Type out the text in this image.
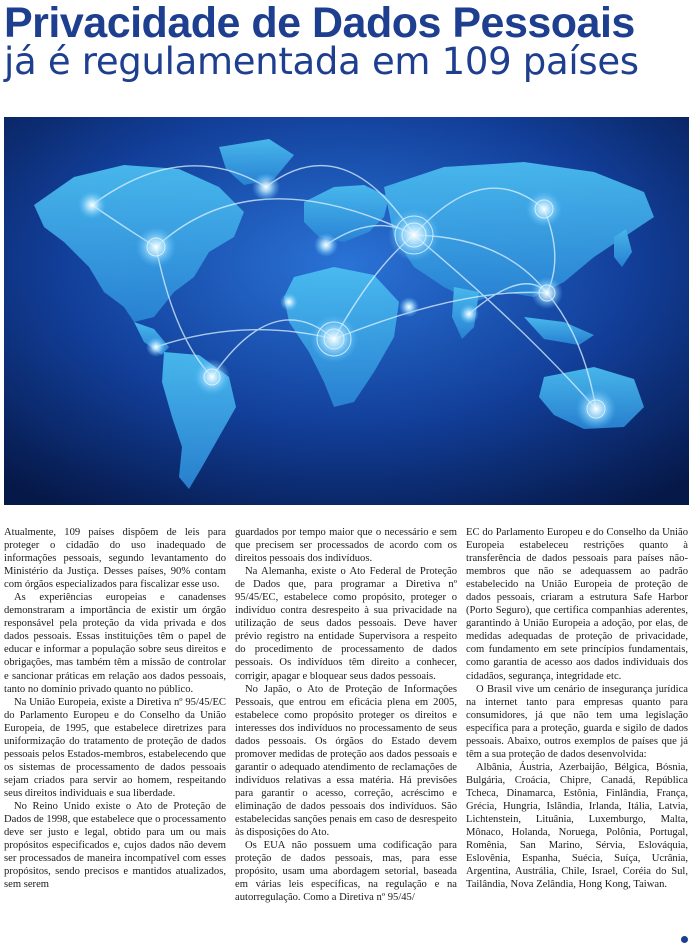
Privacidade de Dados Pessoais
já é regulamentada em 109 países

Atualmente, 109 países dispõem de leis para proteger o cidadão do uso inadequado de informações pessoais, segundo levantamento do Ministério da Justiça. Desses países, 90% contam com órgãos especializados para fiscalizar esse uso.

As experiências europeias e canadenses demonstraram a importância de existir um órgão responsável pela proteção da vida privada e dos dados pessoais. Essas instituições têm o papel de educar e informar a população sobre seus direitos e obrigações, mas também têm a missão de controlar e sancionar práticas em relação aos dados pessoais, tanto no domínio privado quanto no público.

Na União Europeia, existe a Diretiva nº 95/45/EC do Parlamento Europeu e do Conselho da União Europeia, de 1995, que estabelece diretrizes para uniformização do tratamento de proteção de dados pessoais pelos Estados-membros, estabelecendo que os sistemas de processamento de dados pessoais sejam criados para servir ao homem, respeitando seus direitos individuais e sua liberdade.

No Reino Unido existe o Ato de Proteção de Dados de 1998, que estabelece que o processamento deve ser justo e legal, obtido para um ou mais propósitos especificados e, cujos dados não devem ser processados de maneira incompatível com esses propósitos, sendo precisos e mantidos atualizados, sem serem

guardados por tempo maior que o necessário e sem que precisem ser processados de acordo com os direitos pessoais dos indivíduos.

Na Alemanha, existe o Ato Federal de Proteção de Dados que, para programar a Diretiva nº 95/45/EC, estabelece como propósito, proteger o indivíduo contra desrespeito à sua privacidade na utilização de seus dados pessoais. Deve haver prévio registro na entidade Supervisora a respeito do procedimento de processamento de dados pessoais. Os indivíduos têm direito a conhecer, corrigir, apagar e bloquear seus dados pessoais.

No Japão, o Ato de Proteção de Informações Pessoais, que entrou em eficácia plena em 2005, estabelece como propósito proteger os direitos e interesses dos indivíduos no processamento de seus dados pessoais. Os órgãos do Estado devem promover medidas de proteção aos dados pessoais e garantir o adequado atendimento de reclamações de indivíduos relativas a essa matéria. Há previsões para garantir o acesso, correção, acréscimo e eliminação de dados pessoais dos indivíduos. São estabelecidas sanções penais em caso de desrespeito às disposições do Ato.

Os EUA não possuem uma codificação para proteção de dados pessoais, mas, para esse propósito, usam uma abordagem setorial, baseada em várias leis específicas, na regulação e na autorregulação. Como a Diretiva nº 95/45/

EC do Parlamento Europeu e do Conselho da União Europeia estabeleceu restrições quanto à transferência de dados pessoais para países não-membros que não se adequassem ao padrão estabelecido na União Europeia de proteção de dados pessoais, criaram a estrutura Safe Harbor (Porto Seguro), que certifica companhias aderentes, garantindo à União Europeia a adoção, por elas, de medidas adequadas de proteção de privacidade, com fundamento em sete princípios fundamentais, como garantia de acesso aos dados individuais dos cidadãos, segurança, integridade etc.

O Brasil vive um cenário de insegurança jurídica na internet tanto para empresas quanto para consumidores, já que não tem uma legislação específica para a proteção, guarda e sigilo de dados pessoais. Abaixo, outros exemplos de países que já têm a sua proteção de dados desenvolvida:

Albânia, Áustria, Azerbaijão, Bélgica, Bósnia, Bulgária, Croácia, Chipre, Canadá, República Tcheca, Dinamarca, Estônia, Finlândia, França, Grécia, Hungria, Islândia, Irlanda, Itália, Latvia, Lichtenstein, Lituânia, Luxemburgo, Malta, Mônaco, Holanda, Noruega, Polônia, Portugal, Romênia, San Marino, Sérvia, Eslováquia, Eslovênia, Espanha, Suécia, Suíça, Ucrânia, Argentina, Austrália, Chile, Israel, Coréia do Sul, Tailândia, Nova Zelândia, Hong Kong, Taiwan.
